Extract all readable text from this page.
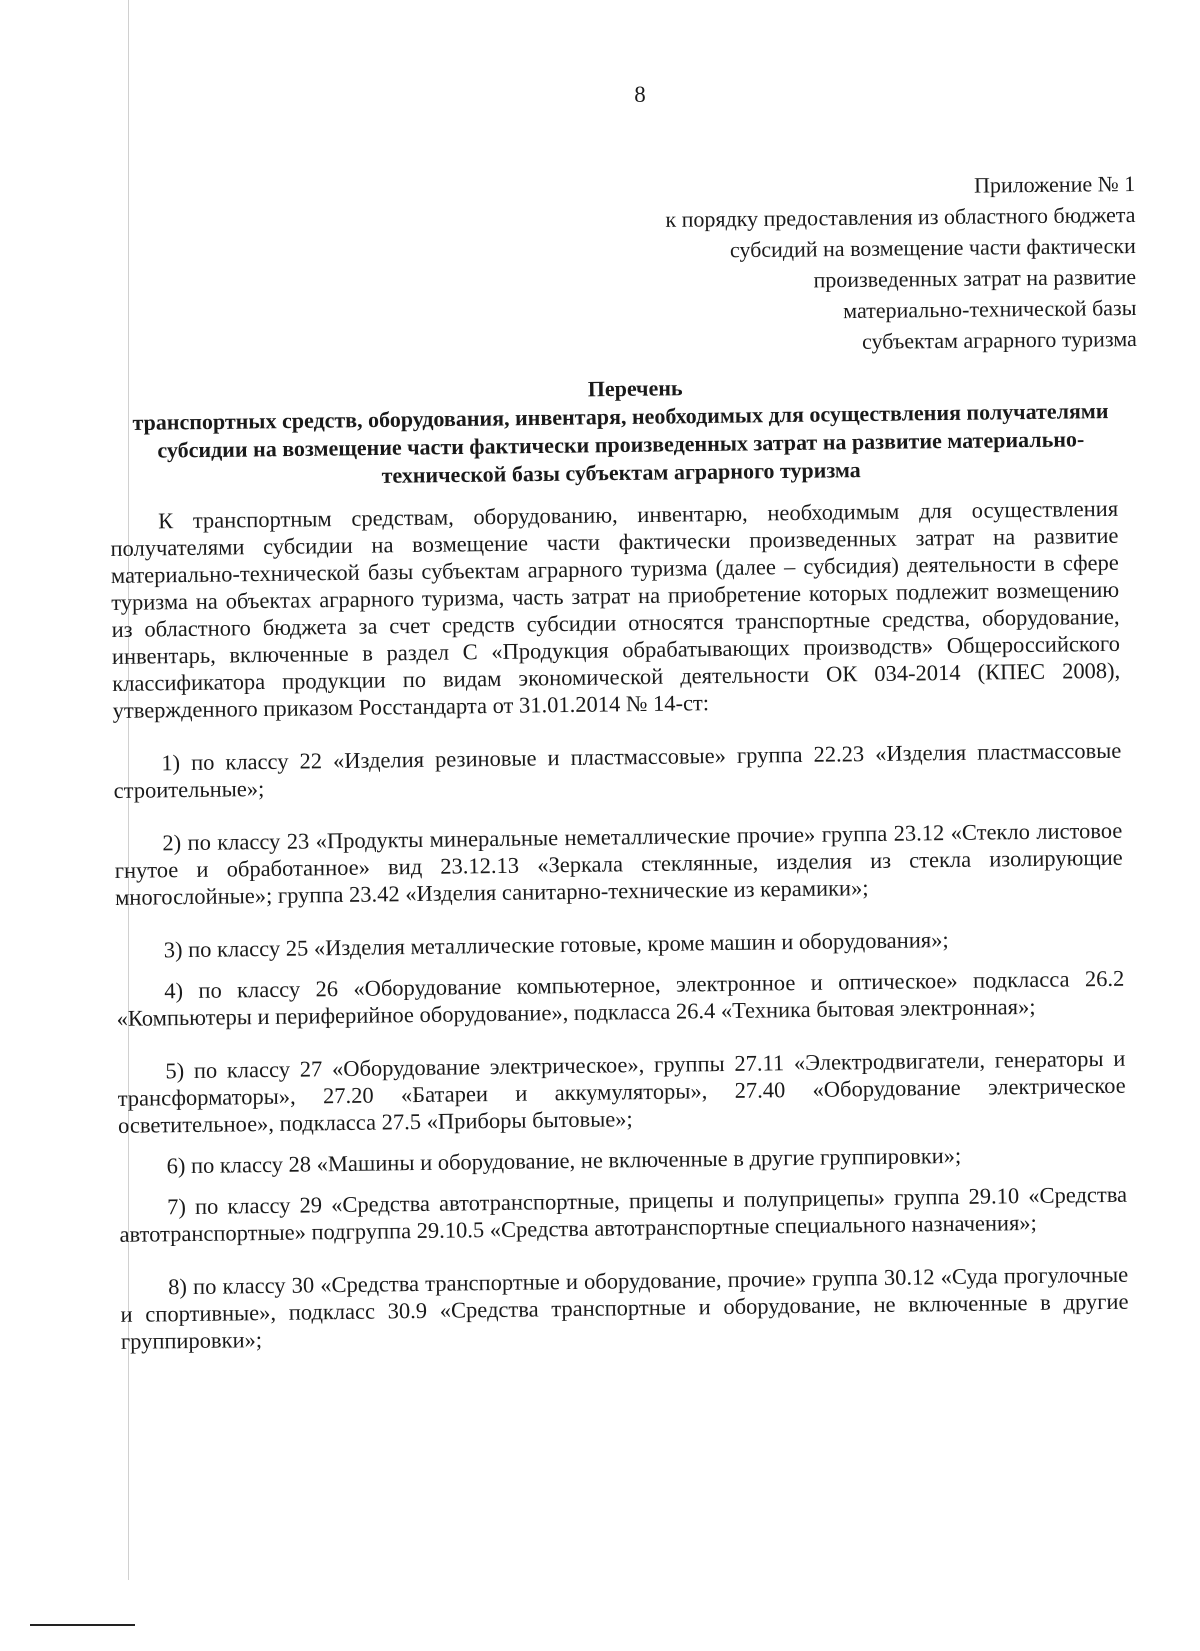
8
Приложение № 1
к порядку предоставления из областного бюджета
субсидий на возмещение части фактически
произведенных затрат на развитие
материально-технической базы
субъектам аграрного туризма
Перечень
транспортных средств, оборудования, инвентаря, необходимых для осуществления получателями субсидии на возмещение части фактически произведенных затрат на развитие материально-технической базы субъектам аграрного туризма

К транспортным средствам, оборудованию, инвентарю, необходимым для осуществления получателями субсидии на возмещение части фактически произведенных затрат на развитие материально-технической базы субъектам аграрного туризма (далее – субсидия) деятельности в сфере туризма на объектах аграрного туризма, часть затрат на приобретение которых подлежит возмещению из областного бюджета за счет средств субсидии относятся транспортные средства, оборудование, инвентарь, включенные в раздел С «Продукция обрабатывающих производств» Общероссийского классификатора продукции по видам экономической деятельности ОК 034-2014 (КПЕС 2008), утвержденного приказом Росстандарта от 31.01.2014 № 14-ст:

1) по классу 22 «Изделия резиновые и пластмассовые» группа 22.23 «Изделия пластмассовые строительные»;

2) по классу 23 «Продукты минеральные неметаллические прочие» группа 23.12 «Стекло листовое гнутое и обработанное» вид 23.12.13 «Зеркала стеклянные, изделия из стекла изолирующие многослойные»; группа 23.42 «Изделия санитарно-технические из керамики»;

3) по классу 25 «Изделия металлические готовые, кроме машин и оборудования»;

4) по классу 26 «Оборудование компьютерное, электронное и оптическое» подкласса 26.2 «Компьютеры и периферийное оборудование», подкласса 26.4 «Техника бытовая электронная»;

5) по классу 27 «Оборудование электрическое», группы 27.11 «Электродвигатели, генераторы и трансформаторы», 27.20 «Батареи и аккумуляторы», 27.40 «Оборудование электрическое осветительное», подкласса 27.5 «Приборы бытовые»;

6) по классу 28 «Машины и оборудование, не включенные в другие группировки»;

7) по классу 29 «Средства автотранспортные, прицепы и полуприцепы» группа 29.10 «Средства автотранспортные» подгруппа 29.10.5 «Средства автотранспортные специального назначения»;

8) по классу 30 «Средства транспортные и оборудование, прочие» группа 30.12 «Суда прогулочные и спортивные», подкласс 30.9 «Средства транспортные и оборудование, не включенные в другие группировки»;
